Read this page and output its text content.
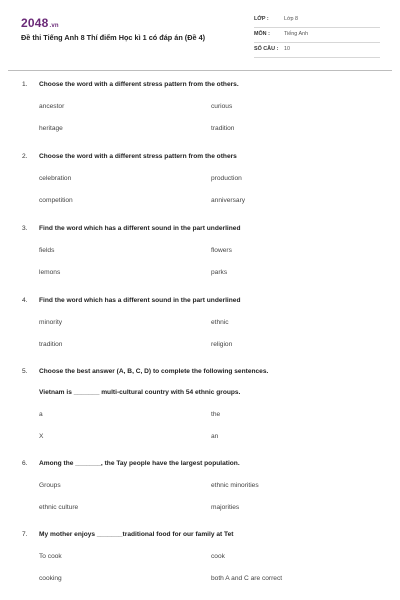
2048.vn
Đề thi Tiếng Anh 8 Thí điểm Học kì 1 có đáp án (Đề 4)
LỚP :	Lớp 8
MÔN :	Tiếng Anh
SỐ CÂU : 10
1. Choose the word with a different stress pattern from the others.
ancestor	curious
heritage	tradition
2. Choose the word with a different stress pattern from the others
celebration	production
competition	anniversary
3. Find the word which has a different sound in the part underlined
fields	flowers
lemons	parks
4. Find the word which has a different sound in the part underlined
minority	ethnic
tradition	religion
5. Choose the best answer (A, B, C, D) to complete the following sentences.
Vietnam is _______ multi-cultural country with 54 ethnic groups.
a	the
X	an
6. Among the _______, the Tay people have the largest population.
Groups	ethnic minorities
ethnic culture	majorities
7. My mother enjoys _______traditional food for our family at Tet
To cook	cook
cooking	both A and C are correct
